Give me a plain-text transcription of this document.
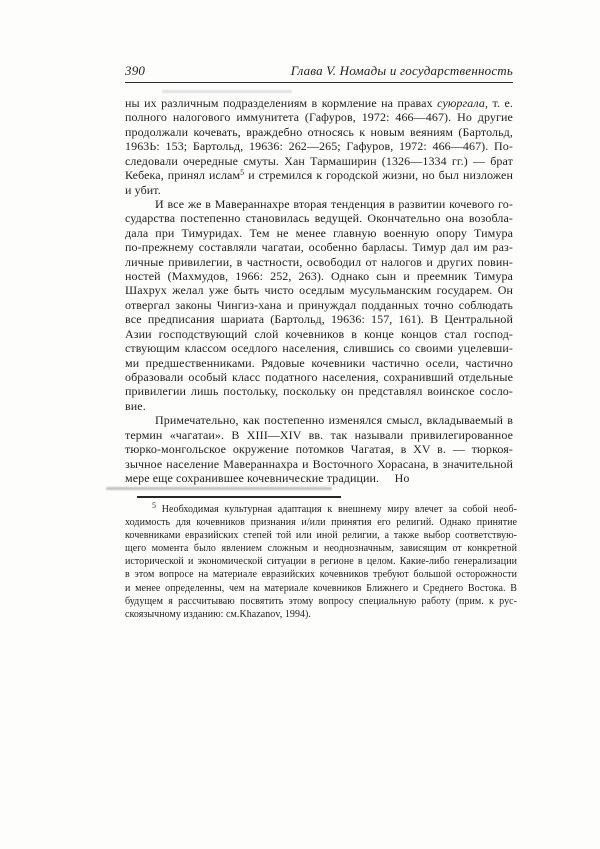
390	Глава V. Номады и государственность
ны их различным подразделениям в кормление на правах суюргала, т. е.
полного налогового иммунитета (Гафуров, 1972: 466—467). Но другие
продолжали кочевать, враждебно относясь к новым веяниям (Бартольд,
1963Ь: 153; Бартольд, 19636: 262—265; Гафуров, 1972: 466—467). По-
следовали очередные смуты. Хан Тармаширин (1326—1334 гг.) — брат
Кебека, принял ислам$^5$ и стремился к городской жизни, но был низложен
и убит.
И все же в Мавераннахре вторая тенденция в развитии кочевого го-
сударства постепенно становилась ведущей. Окончательно она возобла-
дала при Тимуридах. Тем не менее главную военную опору Тимура
по-прежнему составляли чагатаи, особенно барласы. Тимур дал им раз-
личные привилегии, в частности, освободил от налогов и других повин-
ностей (Махмудов, 1966: 252, 263). Однако сын и преемник Тимура
Шахрух желал уже быть чисто оседлым мусульманским государем. Он
отвергал законы Чингиз-хана и принуждал подданных точно соблюдать
все предписания шариата (Бартольд, 19636: 157, 161). В Центральной
Азии господствующий слой кочевников в конце концов стал господ-
ствующим классом оседлого населения, слившись со своими уцелевши-
ми предшественниками. Рядовые кочевники частично осели, частично
образовали особый класс податного населения, сохранивший отдельные
привилегии лишь постольку, поскольку он представлял воинское сосло-
вие.
Примечательно, как постепенно изменялся смысл, вкладываемый в
термин «чагатаи». В XIII—XIV вв. так называли привилегированное
тюрко-монгольское окружение потомков Чагатая, в XV в. — тюркоя-
зычное население Мавераннахра и Восточного Хорасана, в значительной
мере еще сохранившее кочевнические традиции.     Но
$^5$ Необходимая культурная адаптация к внешнему миру влечет за собой необ-
ходимость для кочевников признания и/или принятия его религий. Однако принятие
кочевниками евразийских степей той или иной религии, а также выбор соответствую-
щего момента было явлением сложным и неоднозначным, зависящим от конкретной
исторической и экономической ситуации в регионе в целом. Какие-либо генерализации
в этом вопросе на материале евразийских кочевников требуют большой осторожности
и менее определенны, чем на материале кочевников Ближнего и Среднего Востока. В
будущем я рассчитываю посвятить этому вопросу специальную работу (прим. к рус-
скоязычному изданию: см.Khazanov, 1994).
